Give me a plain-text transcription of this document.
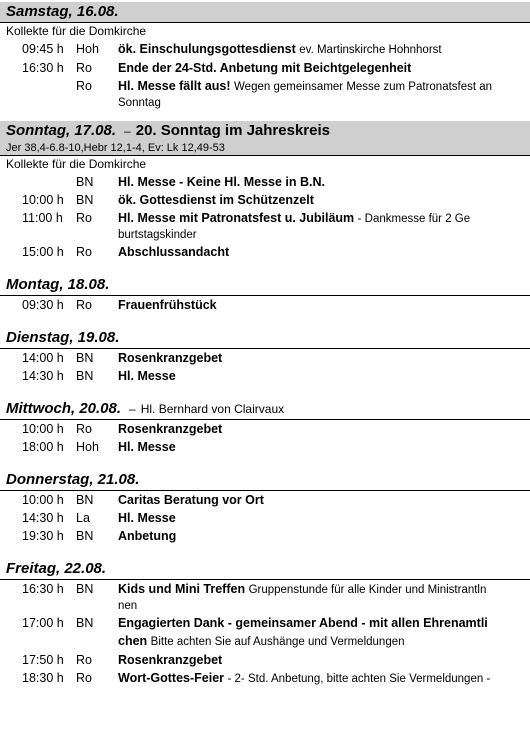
Samstag, 16.08.
Kollekte für die Domkirche
09:45 h Hoh ök. Einschulungsgottesdienst ev. Martinskirche Hohnhorst
16:30 h Ro Ende der 24-Std. Anbetung mit Beichtgelegenheit
Ro Hl. Messe fällt aus! Wegen gemeinsamer Messe zum Patronatsfest an
Sonntag
Sonntag, 17.08. – 20. Sonntag im Jahreskreis
Jer 38,4-6.8-10,Hebr 12,1-4, Ev: Lk 12,49-53
Kollekte für die Domkirche
BN Hl. Messe - Keine Hl. Messe in B.N.
10:00 h BN ök. Gottesdienst im Schützenzelt
11:00 h Ro Hl. Messe mit Patronatsfest u. Jubiläum - Dankmesse für 2 Ge
burtstagskinder
15:00 h Ro Abschlussandacht
Montag, 18.08.
09:30 h Ro Frauenfrühstück
Dienstag, 19.08.
14:00 h BN Rosenkranzgebet
14:30 h BN Hl. Messe
Mittwoch, 20.08. – Hl. Bernhard von Clairvaux
10:00 h Ro Rosenkranzgebet
18:00 h Hoh Hl. Messe
Donnerstag, 21.08.
10:00 h BN Caritas Beratung vor Ort
14:30 h La Hl. Messe
19:30 h BN Anbetung
Freitag, 22.08.
16:30 h BN Kids und Mini Treffen Gruppenstunde für alle Kinder und Ministrantln
nen
17:00 h BN Engagierten Dank - gemeinsamer Abend - mit allen Ehrenamtli
chen Bitte achten Sie auf Aushänge und Vermeldungen
17:50 h Ro Rosenkranzgebet
18:30 h Ro Wort-Gottes-Feier - 2- Std. Anbetung, bitte achten Sie Vermeldungen -
